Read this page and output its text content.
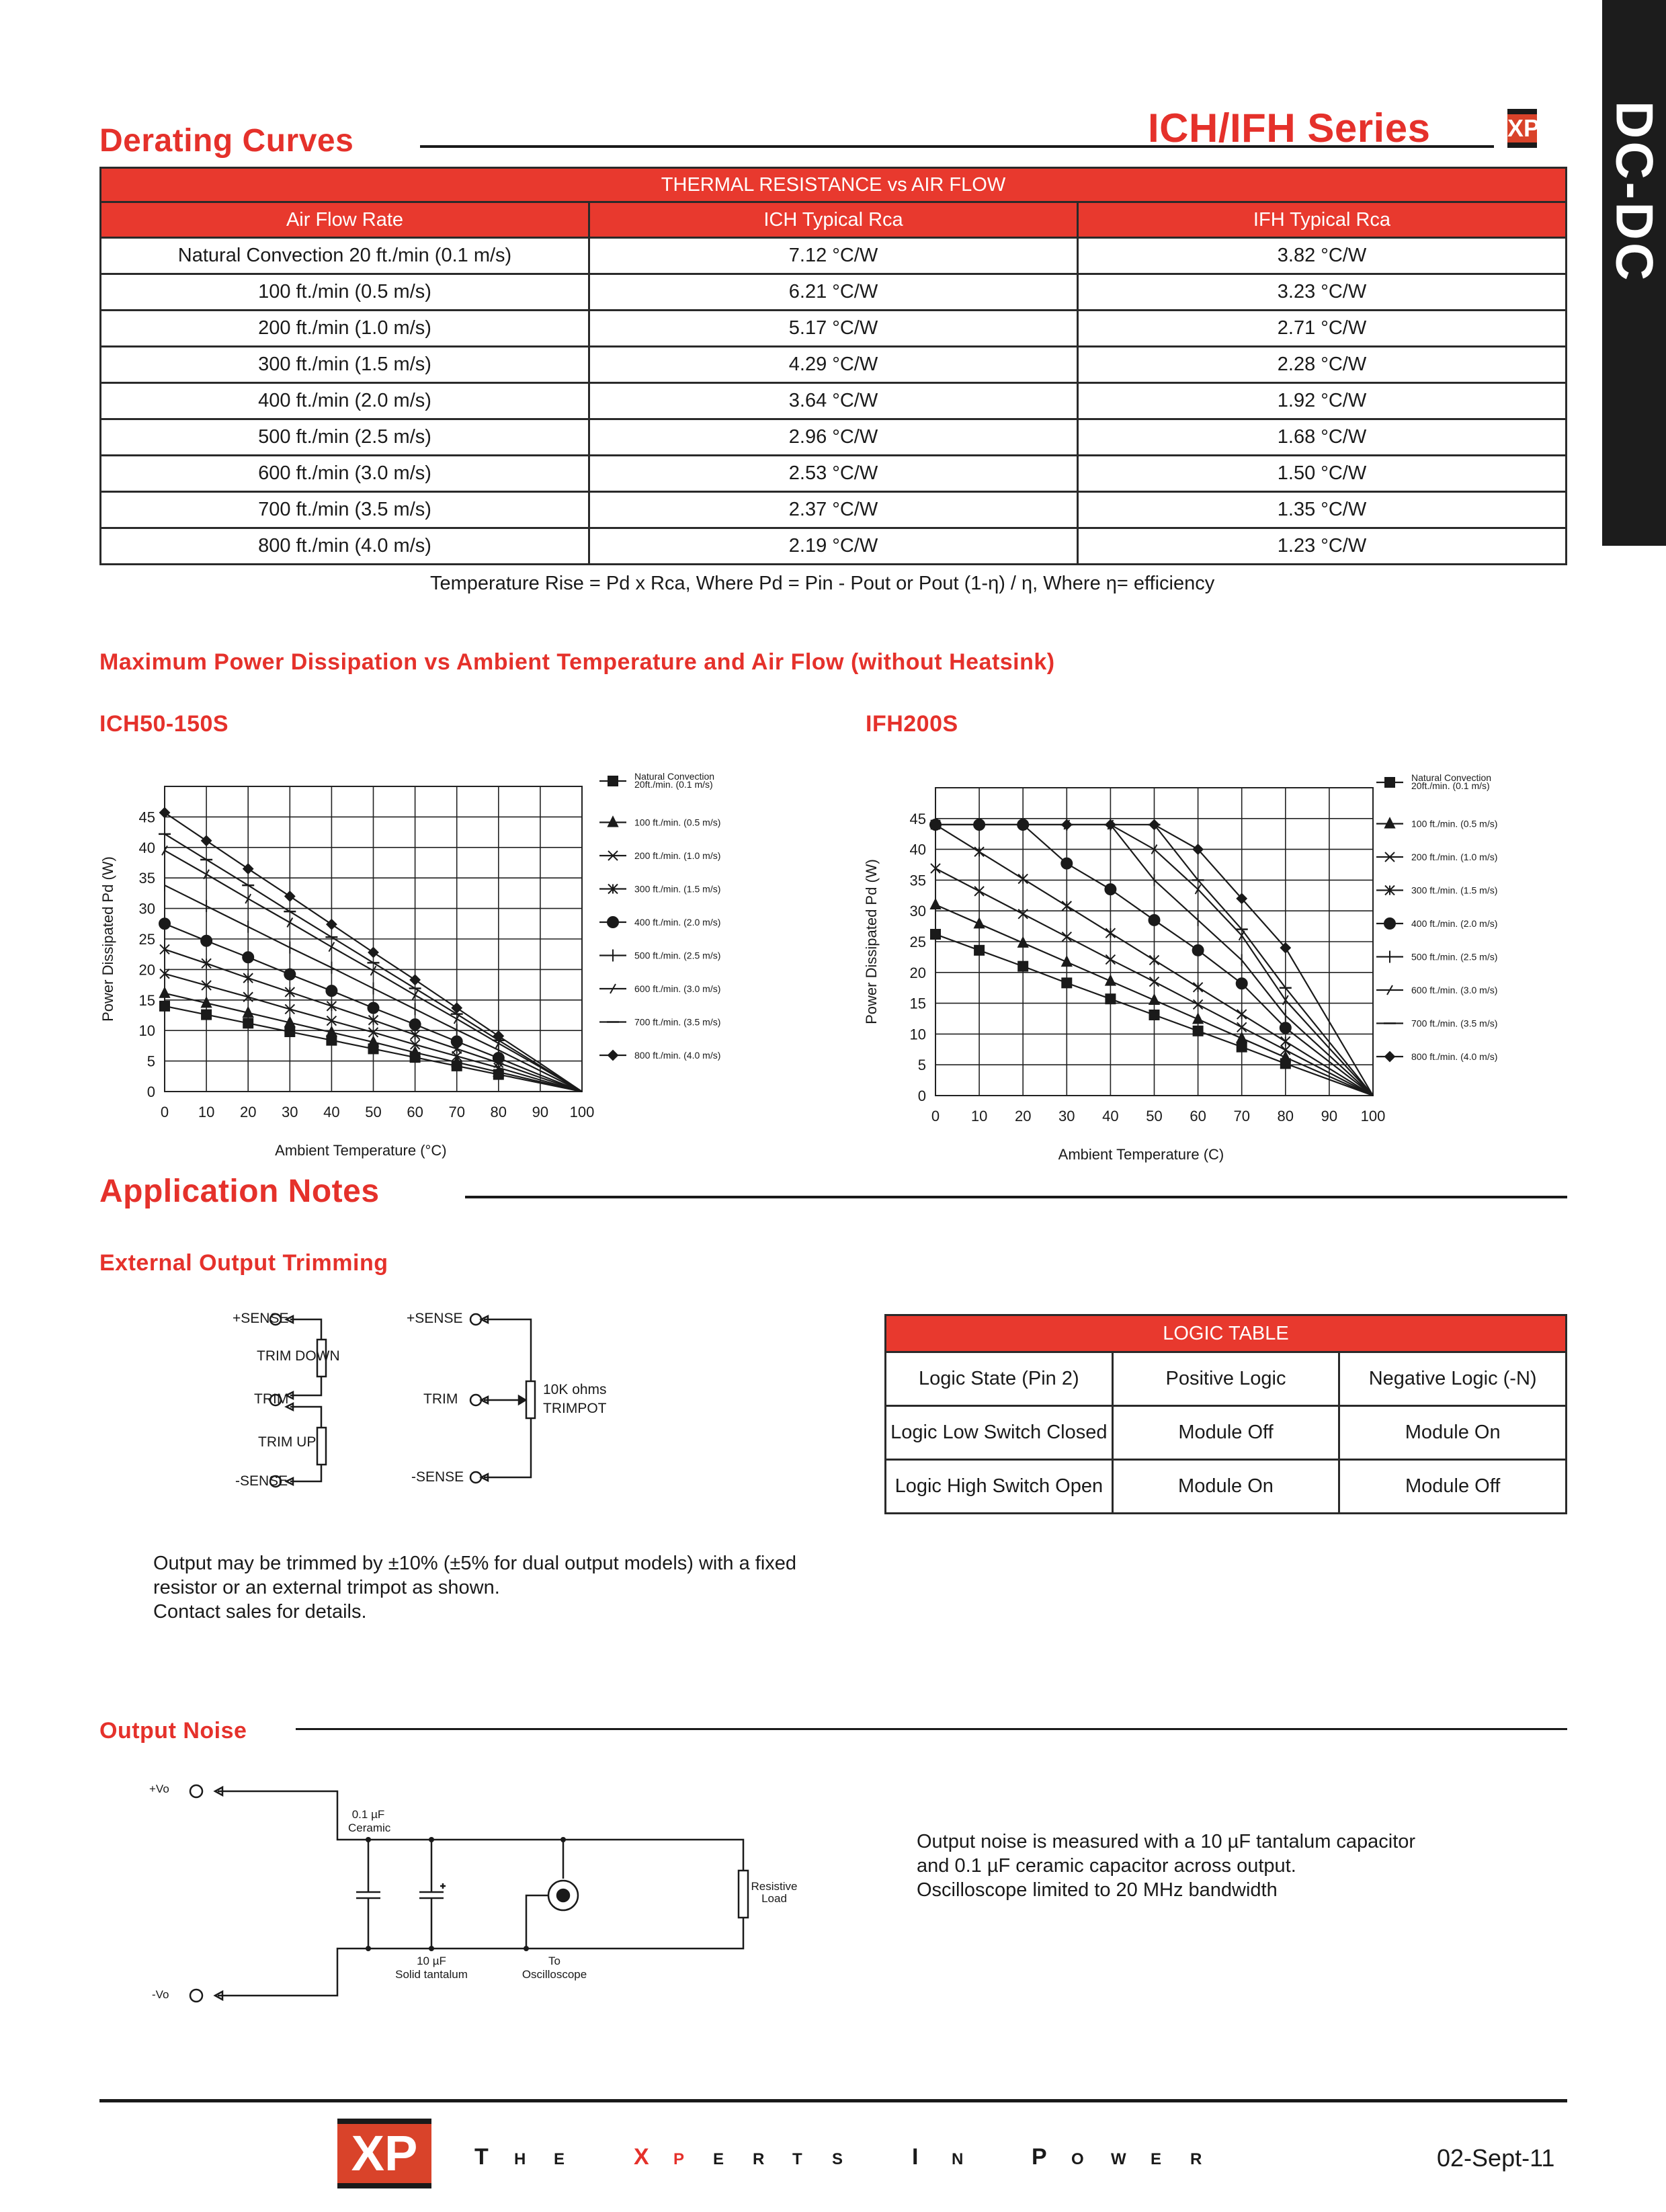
Derating Curves	ICH/IFH Series	XP DC-DC
THERMAL RESISTANCE vs AIR FLOW		
Air Flow Rate	ICH Typical Rca	IFH Typical Rca
Natural Convection 20 ft./min (0.1 m/s)	7.12 °C/W	3.82 °C/W
100 ft./min (0.5 m/s)	6.21 °C/W	3.23 °C/W
200 ft./min (1.0 m/s)	5.17 °C/W	2.71 °C/W
300 ft./min (1.5 m/s)	4.29 °C/W	2.28 °C/W
400 ft./min (2.0 m/s)	3.64 °C/W	1.92 °C/W
500 ft./min (2.5 m/s)	2.96 °C/W	1.68 °C/W
600 ft./min (3.0 m/s)	2.53 °C/W	1.50 °C/W
700 ft./min (3.5 m/s)	2.37 °C/W	1.35 °C/W
800 ft./min (4.0 m/s)	2.19 °C/W	1.23 °C/W
Temperature Rise = Pd x Rca, Where Pd = Pin - Pout or Pout (1-η) / η, Where η= efficiency
Maximum Power Dissipation vs Ambient Temperature and Air Flow (without Heatsink)
ICH50-150S	IFH200S
0 10 20 30 40 50 60 70 80 90 100
0
5
10
15
20
25
30
35
40
45
Ambient Temperature (°C)
Power Dissipated Pd (W)
Natural Convection
20ft./min. (0.1 m/s)
100 ft./min. (0.5 m/s)
200 ft./min. (1.0 m/s)
300 ft./min. (1.5 m/s)
400 ft./min. (2.0 m/s)
500 ft./min. (2.5 m/s)
600 ft./min. (3.0 m/s)
700 ft./min. (3.5 m/s)
800 ft./min. (4.0 m/s)
0 10 20 30 40 50 60 70 80 90 100
0
5
10
15
20
25
30
35
40
45
Ambient Temperature (C)
Power Dissipated Pd (W)
Natural Convection
20ft./min. (0.1 m/s)
100 ft./min. (0.5 m/s)
200 ft./min. (1.0 m/s)
300 ft./min. (1.5 m/s)
400 ft./min. (2.0 m/s)
500 ft./min. (2.5 m/s)
600 ft./min. (3.0 m/s)
700 ft./min. (3.5 m/s)
800 ft./min. (4.0 m/s)
Application Notes
External Output Trimming
+SENSE
TRIM DOWN
TRIM
TRIM UP
-SENSE
+SENSE
TRIM
-SENSE
10K ohms
TRIMPOT
Output may be trimmed by ±10% (±5% for dual output models) with a fixed
resistor or an external trimpot as shown.
Contact sales for details.
LOGIC TABLE		
Logic State (Pin 2)	Positive Logic	Negative Logic (-N)
Logic Low Switch Closed	Module Off	Module On
Logic High Switch Open	Module On	Module Off
Output Noise
+Vo
-Vo
0.1 µF
Ceramic
10 µF
Solid tantalum
To
Oscilloscope
Resistive
Load
Output noise is measured with a 10 µF tantalum capacitor
and 0.1 µF ceramic capacitor across output.
Oscilloscope limited to 20 MHz bandwidth
XP	T H E	X P E R T S	I N	P O W E R	02-Sept-11
